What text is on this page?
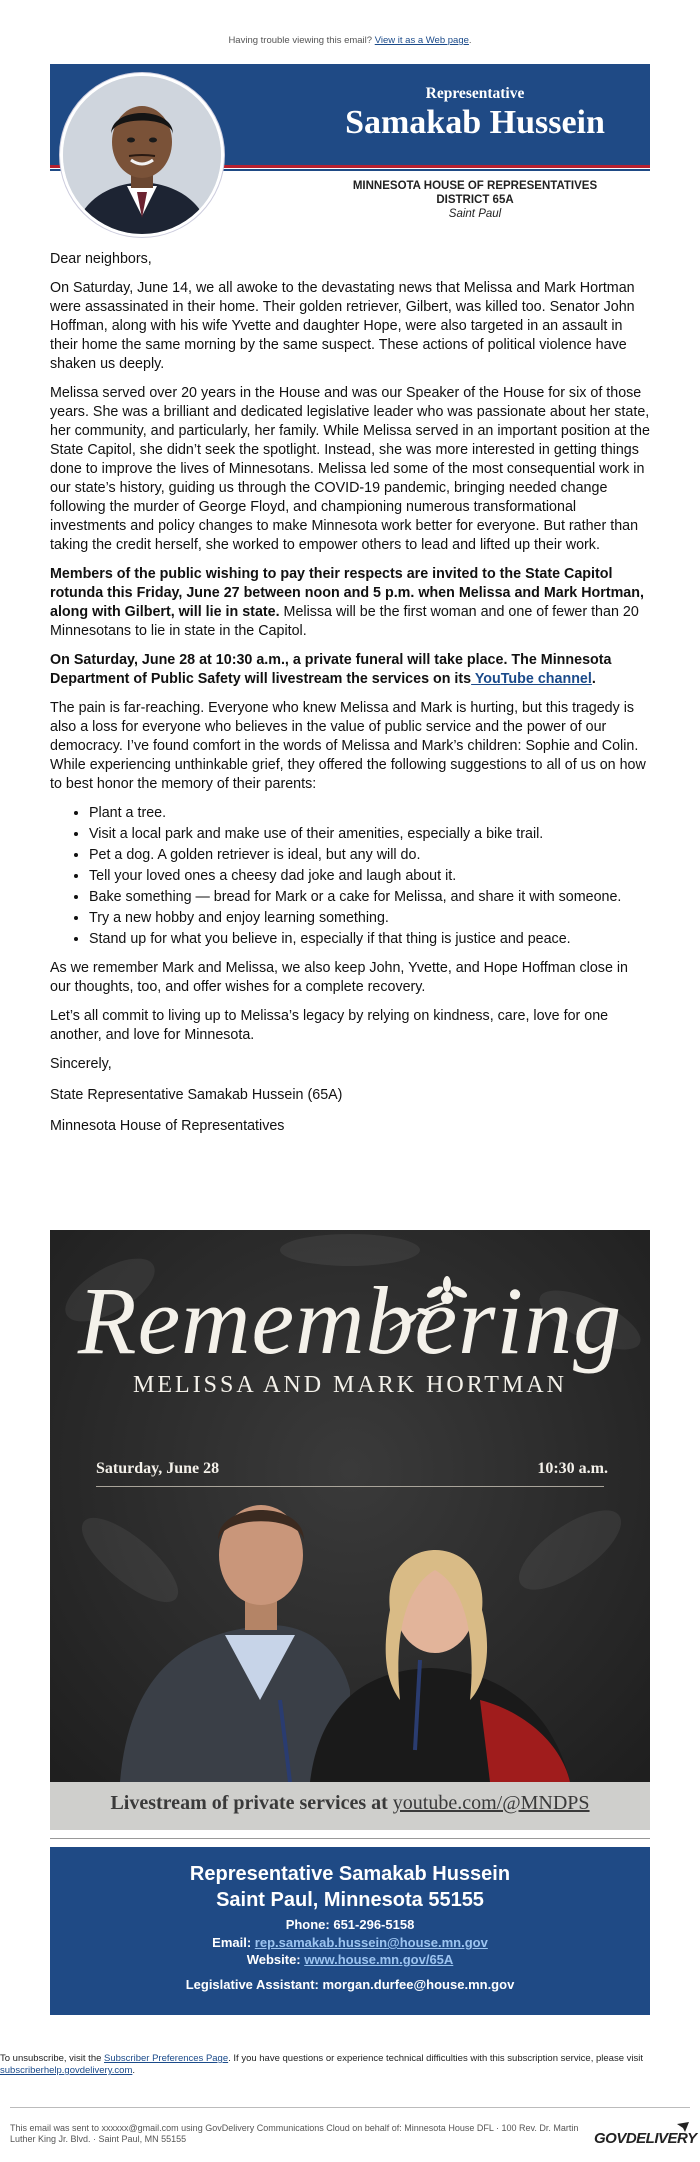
Having trouble viewing this email? View it as a Web page.
Representative
Samakab Hussein
MINNESOTA HOUSE OF REPRESENTATIVES
DISTRICT 65A
Saint Paul

Dear neighbors,

On Saturday, June 14, we all awoke to the devastating news that Melissa and Mark Hortman were assassinated in their home. Their golden retriever, Gilbert, was killed too. Senator John Hoffman, along with his wife Yvette and daughter Hope, were also targeted in an assault in their home the same morning by the same suspect. These actions of political violence have shaken us deeply.

Melissa served over 20 years in the House and was our Speaker of the House for six of those years. She was a brilliant and dedicated legislative leader who was passionate about her state, her community, and particularly, her family. While Melissa served in an important position at the State Capitol, she didn’t seek the spotlight. Instead, she was more interested in getting things done to improve the lives of Minnesotans. Melissa led some of the most consequential work in our state’s history, guiding us through the COVID-19 pandemic, bringing needed change following the murder of George Floyd, and championing numerous transformational investments and policy changes to make Minnesota work better for everyone. But rather than taking the credit herself, she worked to empower others to lead and lifted up their work.

Members of the public wishing to pay their respects are invited to the State Capitol rotunda this Friday, June 27 between noon and 5 p.m. when Melissa and Mark Hortman, along with Gilbert, will lie in state. Melissa will be the first woman and one of fewer than 20 Minnesotans to lie in state in the Capitol.

On Saturday, June 28 at 10:30 a.m., a private funeral will take place. The Minnesota Department of Public Safety will livestream the services on its YouTube channel.

The pain is far-reaching. Everyone who knew Melissa and Mark is hurting, but this tragedy is also a loss for everyone who believes in the value of public service and the power of our democracy. I’ve found comfort in the words of Melissa and Mark’s children: Sophie and Colin. While experiencing unthinkable grief, they offered the following suggestions to all of us on how to best honor the memory of their parents:

• Plant a tree.
• Visit a local park and make use of their amenities, especially a bike trail.
• Pet a dog. A golden retriever is ideal, but any will do.
• Tell your loved ones a cheesy dad joke and laugh about it.
• Bake something — bread for Mark or a cake for Melissa, and share it with someone.
• Try a new hobby and enjoy learning something.
• Stand up for what you believe in, especially if that thing is justice and peace.

As we remember Mark and Melissa, we also keep John, Yvette, and Hope Hoffman close in our thoughts, too, and offer wishes for a complete recovery.

Let’s all commit to living up to Melissa’s legacy by relying on kindness, care, love for one another, and love for Minnesota.

Sincerely,

State Representative Samakab Hussein (65A)

Minnesota House of Representatives

Remembering
MELISSA AND MARK HORTMAN
Saturday, June 28	10:30 a.m.
Livestream of private services at youtube.com/@MNDPS
Representative Samakab Hussein
Saint Paul, Minnesota 55155
Phone: 651-296-5158
Email: rep.samakab.hussein@house.mn.gov
Website: www.house.mn.gov/65A
Legislative Assistant: morgan.durfee@house.mn.gov
To unsubscribe, visit the Subscriber Preferences Page. If you have questions or experience technical difficulties with this subscription service, please visit subscriberhelp.govdelivery.com.
This email was sent to xxxxxx@gmail.com using GovDelivery Communications Cloud on behalf of: Minnesota House DFL · 100 Rev. Dr. Martin Luther King Jr. Blvd. · Saint Paul, MN 55155	GOVDELIVERY
